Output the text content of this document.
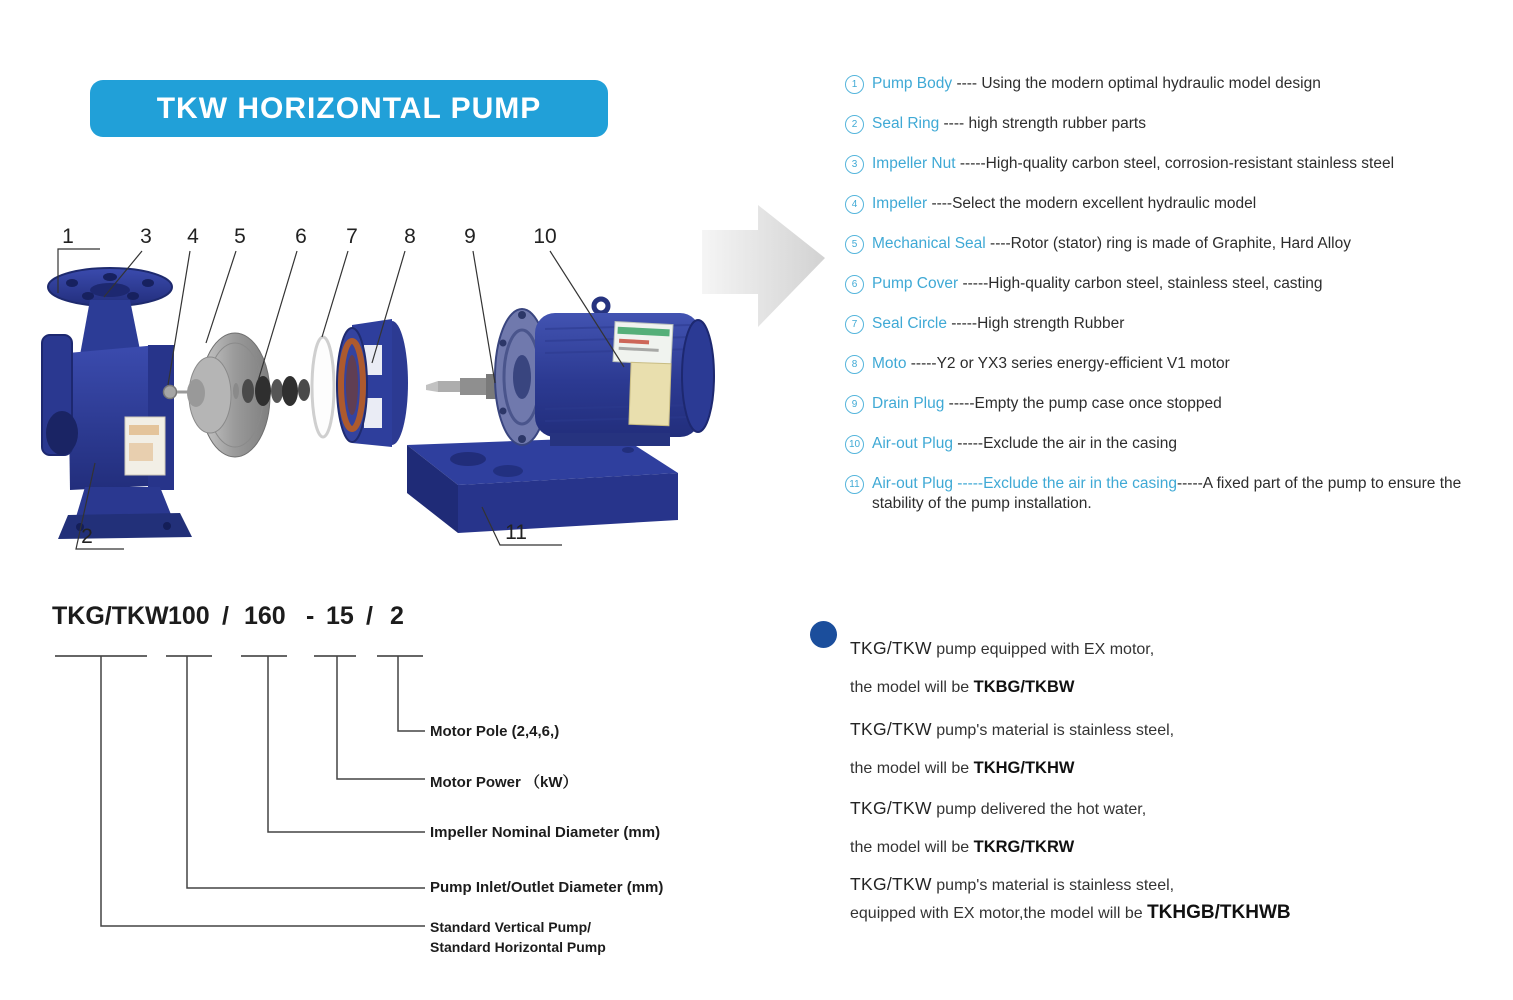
TKW HORIZONTAL PUMP
1	3 4 5 6 7 8 9	10
2	11
1 Pump Body ---- Using the modern optimal hydraulic model design

2 Seal Ring ---- high strength rubber parts

3 Impeller Nut -----High-quality carbon steel, corrosion-resistant stainless steel

4 Impeller ----Select the modern excellent hydraulic model

5 Mechanical Seal ----Rotor (stator) ring is made of Graphite, Hard Alloy

6 Pump Cover -----High-quality carbon steel, stainless steel, casting

7 Seal Circle -----High strength Rubber

8 Moto -----Y2 or YX3 series energy-efficient V1 motor

9 Drain Plug -----Empty the pump case once stopped

10 Air-out Plug -----Exclude the air in the casing

11 Air-out Plug -----Exclude the air in the casing-----A fixed part of the pump to ensure the stability of the pump installation.

TKG/TKW 100 / 160 - 15 / 2
Motor Pole (2,4,6,)
Motor Power （kW）
Impeller Nominal Diameter (mm)
Pump Inlet/Outlet Diameter (mm)
Standard Vertical Pump/
Standard Horizontal Pump

TKG/TKW pump equipped with EX motor,

the model will be TKBG/TKBW

TKG/TKW pump's material is stainless steel,

the model will be TKHG/TKHW

TKG/TKW pump delivered the hot water,

the model will be TKRG/TKRW

TKG/TKW pump's material is stainless steel,

equipped with EX motor,the model will be TKHGB/TKHWB
